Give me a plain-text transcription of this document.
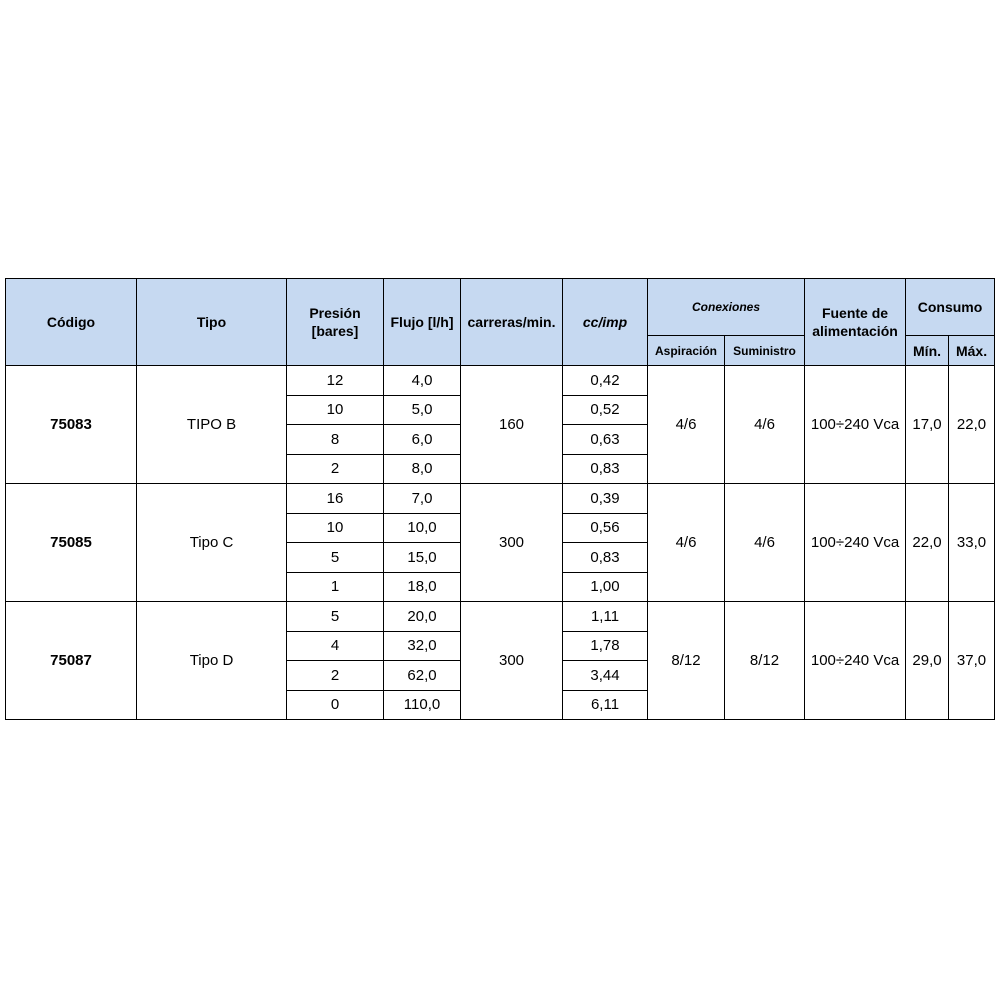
Código	Tipo	Presión [bares]	Flujo [l/h]	carreras/min.	cc/imp	Conexiones		Fuente de alimentación	Consumo	
						Aspiración	Suministro		Mín.	Máx.
75083	TIPO B	12	4,0	160	0,42	4/6	4/6	100÷240 Vca	17,0	22,0
		10	5,0		0,52					
		8	6,0		0,63					
		2	8,0		0,83					
75085	Tipo C	16	7,0	300	0,39	4/6	4/6	100÷240 Vca	22,0	33,0
		10	10,0		0,56					
		5	15,0		0,83					
		1	18,0		1,00					
75087	Tipo D	5	20,0	300	1,11	8/12	8/12	100÷240 Vca	29,0	37,0
		4	32,0		1,78					
		2	62,0		3,44					
		0	110,0		6,11					
